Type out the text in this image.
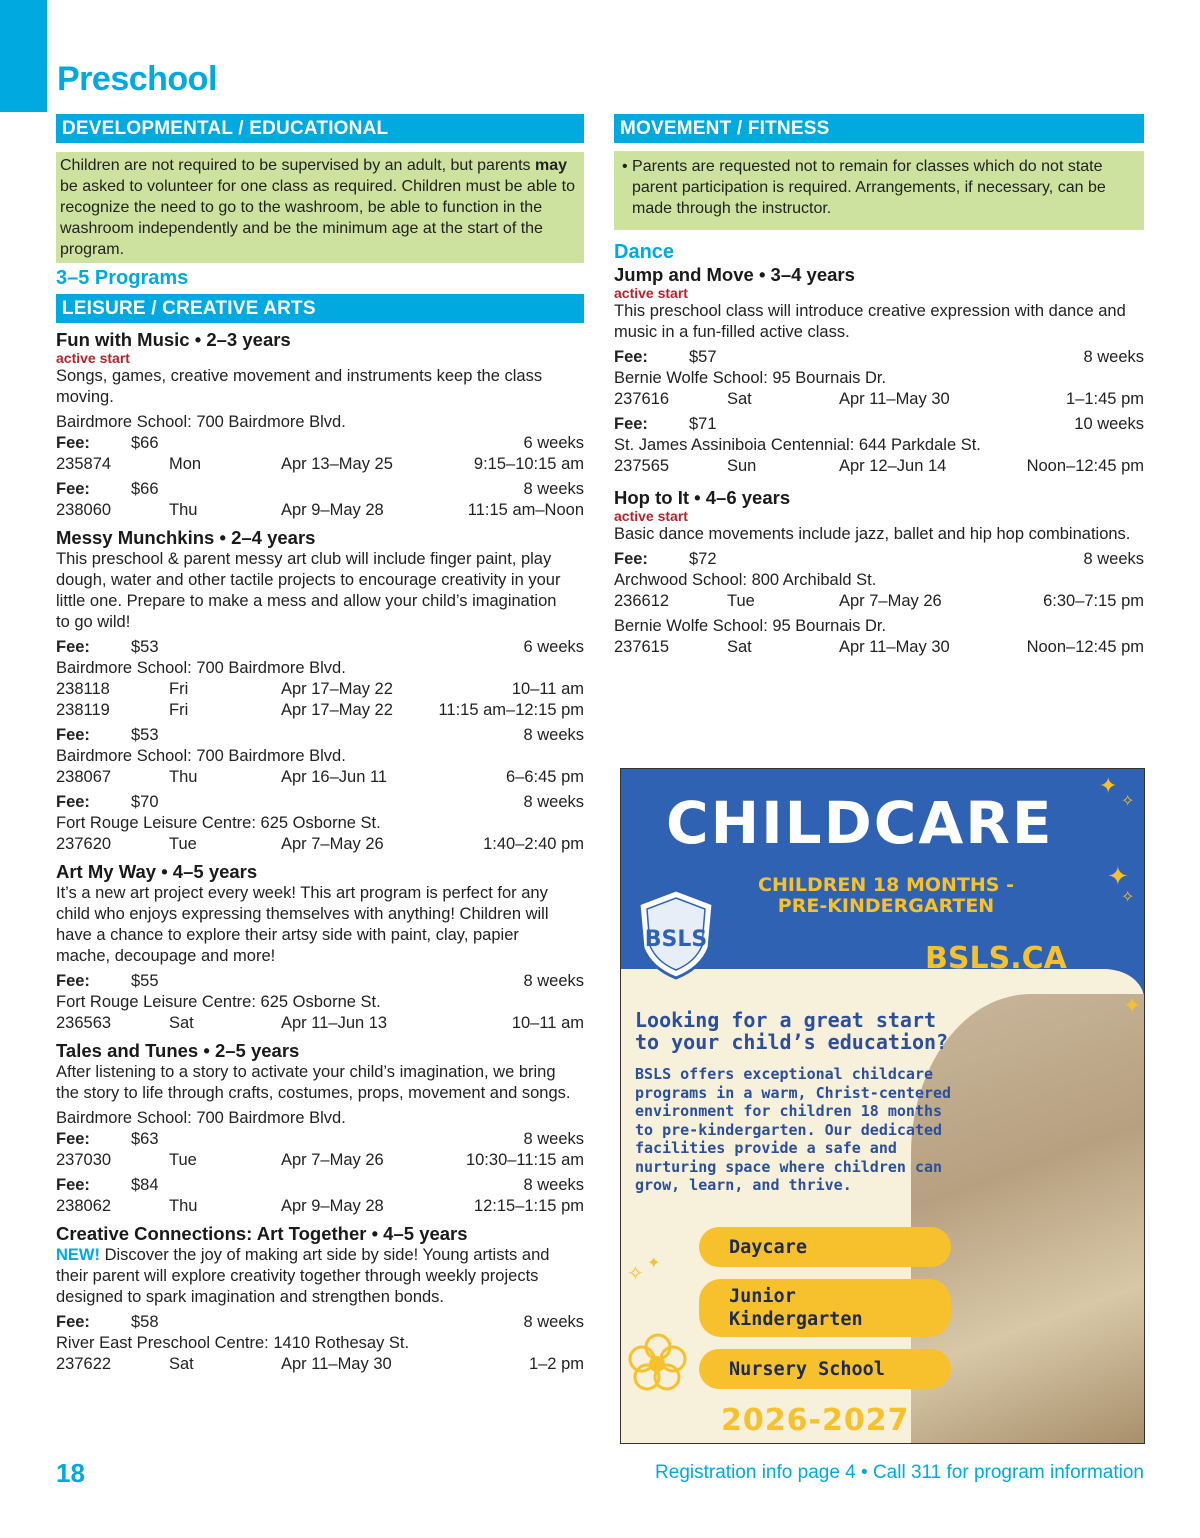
Preschool
DEVELOPMENTAL / EDUCATIONAL
Children are not required to be supervised by an adult, but parents may be asked to volunteer for one class as required. Children must be able to recognize the need to go to the washroom, be able to function in the washroom independently and be the minimum age at the start of the program.
3–5 Programs
LEISURE / CREATIVE ARTS
Fun with Music • 2–3 years
active start
Songs, games, creative movement and instruments keep the class moving.
Bairdmore School: 700 Bairdmore Blvd.
Fee:	$66	6 weeks
235874	Mon	Apr 13–May 25	9:15–10:15 am
Fee:	$66	8 weeks
238060	Thu	Apr 9–May 28	11:15 am–Noon
Messy Munchkins • 2–4 years
This preschool & parent messy art club will include finger paint, play dough, water and other tactile projects to encourage creativity in your little one. Prepare to make a mess and allow your child’s imagination to go wild!
Fee:	$53	6 weeks
Bairdmore School: 700 Bairdmore Blvd.
238118	Fri	Apr 17–May 22	10–11 am
238119	Fri	Apr 17–May 22	11:15 am–12:15 pm
Fee:	$53	8 weeks
Bairdmore School: 700 Bairdmore Blvd.
238067	Thu	Apr 16–Jun 11	6–6:45 pm
Fee:	$70	8 weeks
Fort Rouge Leisure Centre: 625 Osborne St.
237620	Tue	Apr 7–May 26	1:40–2:40 pm
Art My Way • 4–5 years
It’s a new art project every week! This art program is perfect for any child who enjoys expressing themselves with anything! Children will have a chance to explore their artsy side with paint, clay, papier mache, decoupage and more!
Fee:	$55	8 weeks
Fort Rouge Leisure Centre: 625 Osborne St.
236563	Sat	Apr 11–Jun 13	10–11 am
Tales and Tunes • 2–5 years
After listening to a story to activate your child’s imagination, we bring the story to life through crafts, costumes, props, movement and songs.
Bairdmore School: 700 Bairdmore Blvd.
Fee:	$63	8 weeks
237030	Tue	Apr 7–May 26	10:30–11:15 am
Fee:	$84	8 weeks
238062	Thu	Apr 9–May 28	12:15–1:15 pm
Creative Connections: Art Together • 4–5 years
NEW! Discover the joy of making art side by side! Young artists and their parent will explore creativity together through weekly projects designed to spark imagination and strengthen bonds.
Fee:	$58	8 weeks
River East Preschool Centre: 1410 Rothesay St.
237622	Sat	Apr 11–May 30	1–2 pm
MOVEMENT / FITNESS
• Parents are requested not to remain for classes which do not state parent participation is required. Arrangements, if necessary, can be made through the instructor.
Dance
Jump and Move • 3–4 years
active start
This preschool class will introduce creative expression with dance and music in a fun-filled active class.
Fee:	$57	8 weeks
Bernie Wolfe School: 95 Bournais Dr.
237616	Sat	Apr 11–May 30	1–1:45 pm
Fee:	$71	10 weeks
St. James Assiniboia Centennial: 644 Parkdale St.
237565	Sun	Apr 12–Jun 14	Noon–12:45 pm
Hop to It • 4–6 years
active start
Basic dance movements include jazz, ballet and hip hop combinations.
Fee:	$72	8 weeks
Archwood School: 800 Archibald St.
236612	Tue	Apr 7–May 26	6:30–7:15 pm
Bernie Wolfe School: 95 Bournais Dr.
237615	Sat	Apr 11–May 30	Noon–12:45 pm
✦
✧
✦
✧
✦
✧ ✦
CHILDCARE
CHILDREN 18 MONTHS -
PRE-KINDERGARTEN
BSLS
BSLS.CA
Looking for a great start
to your child’s education?
BSLS offers exceptional childcare programs in a warm, Christ-centered environment for children 18 months to pre-kindergarten. Our dedicated facilities provide a safe and nurturing space where children can grow, learn, and thrive.
Daycare
Junior
Kindergarten
Nursery School
2026-2027
18	Registration info page 4 • Call 311 for program information
